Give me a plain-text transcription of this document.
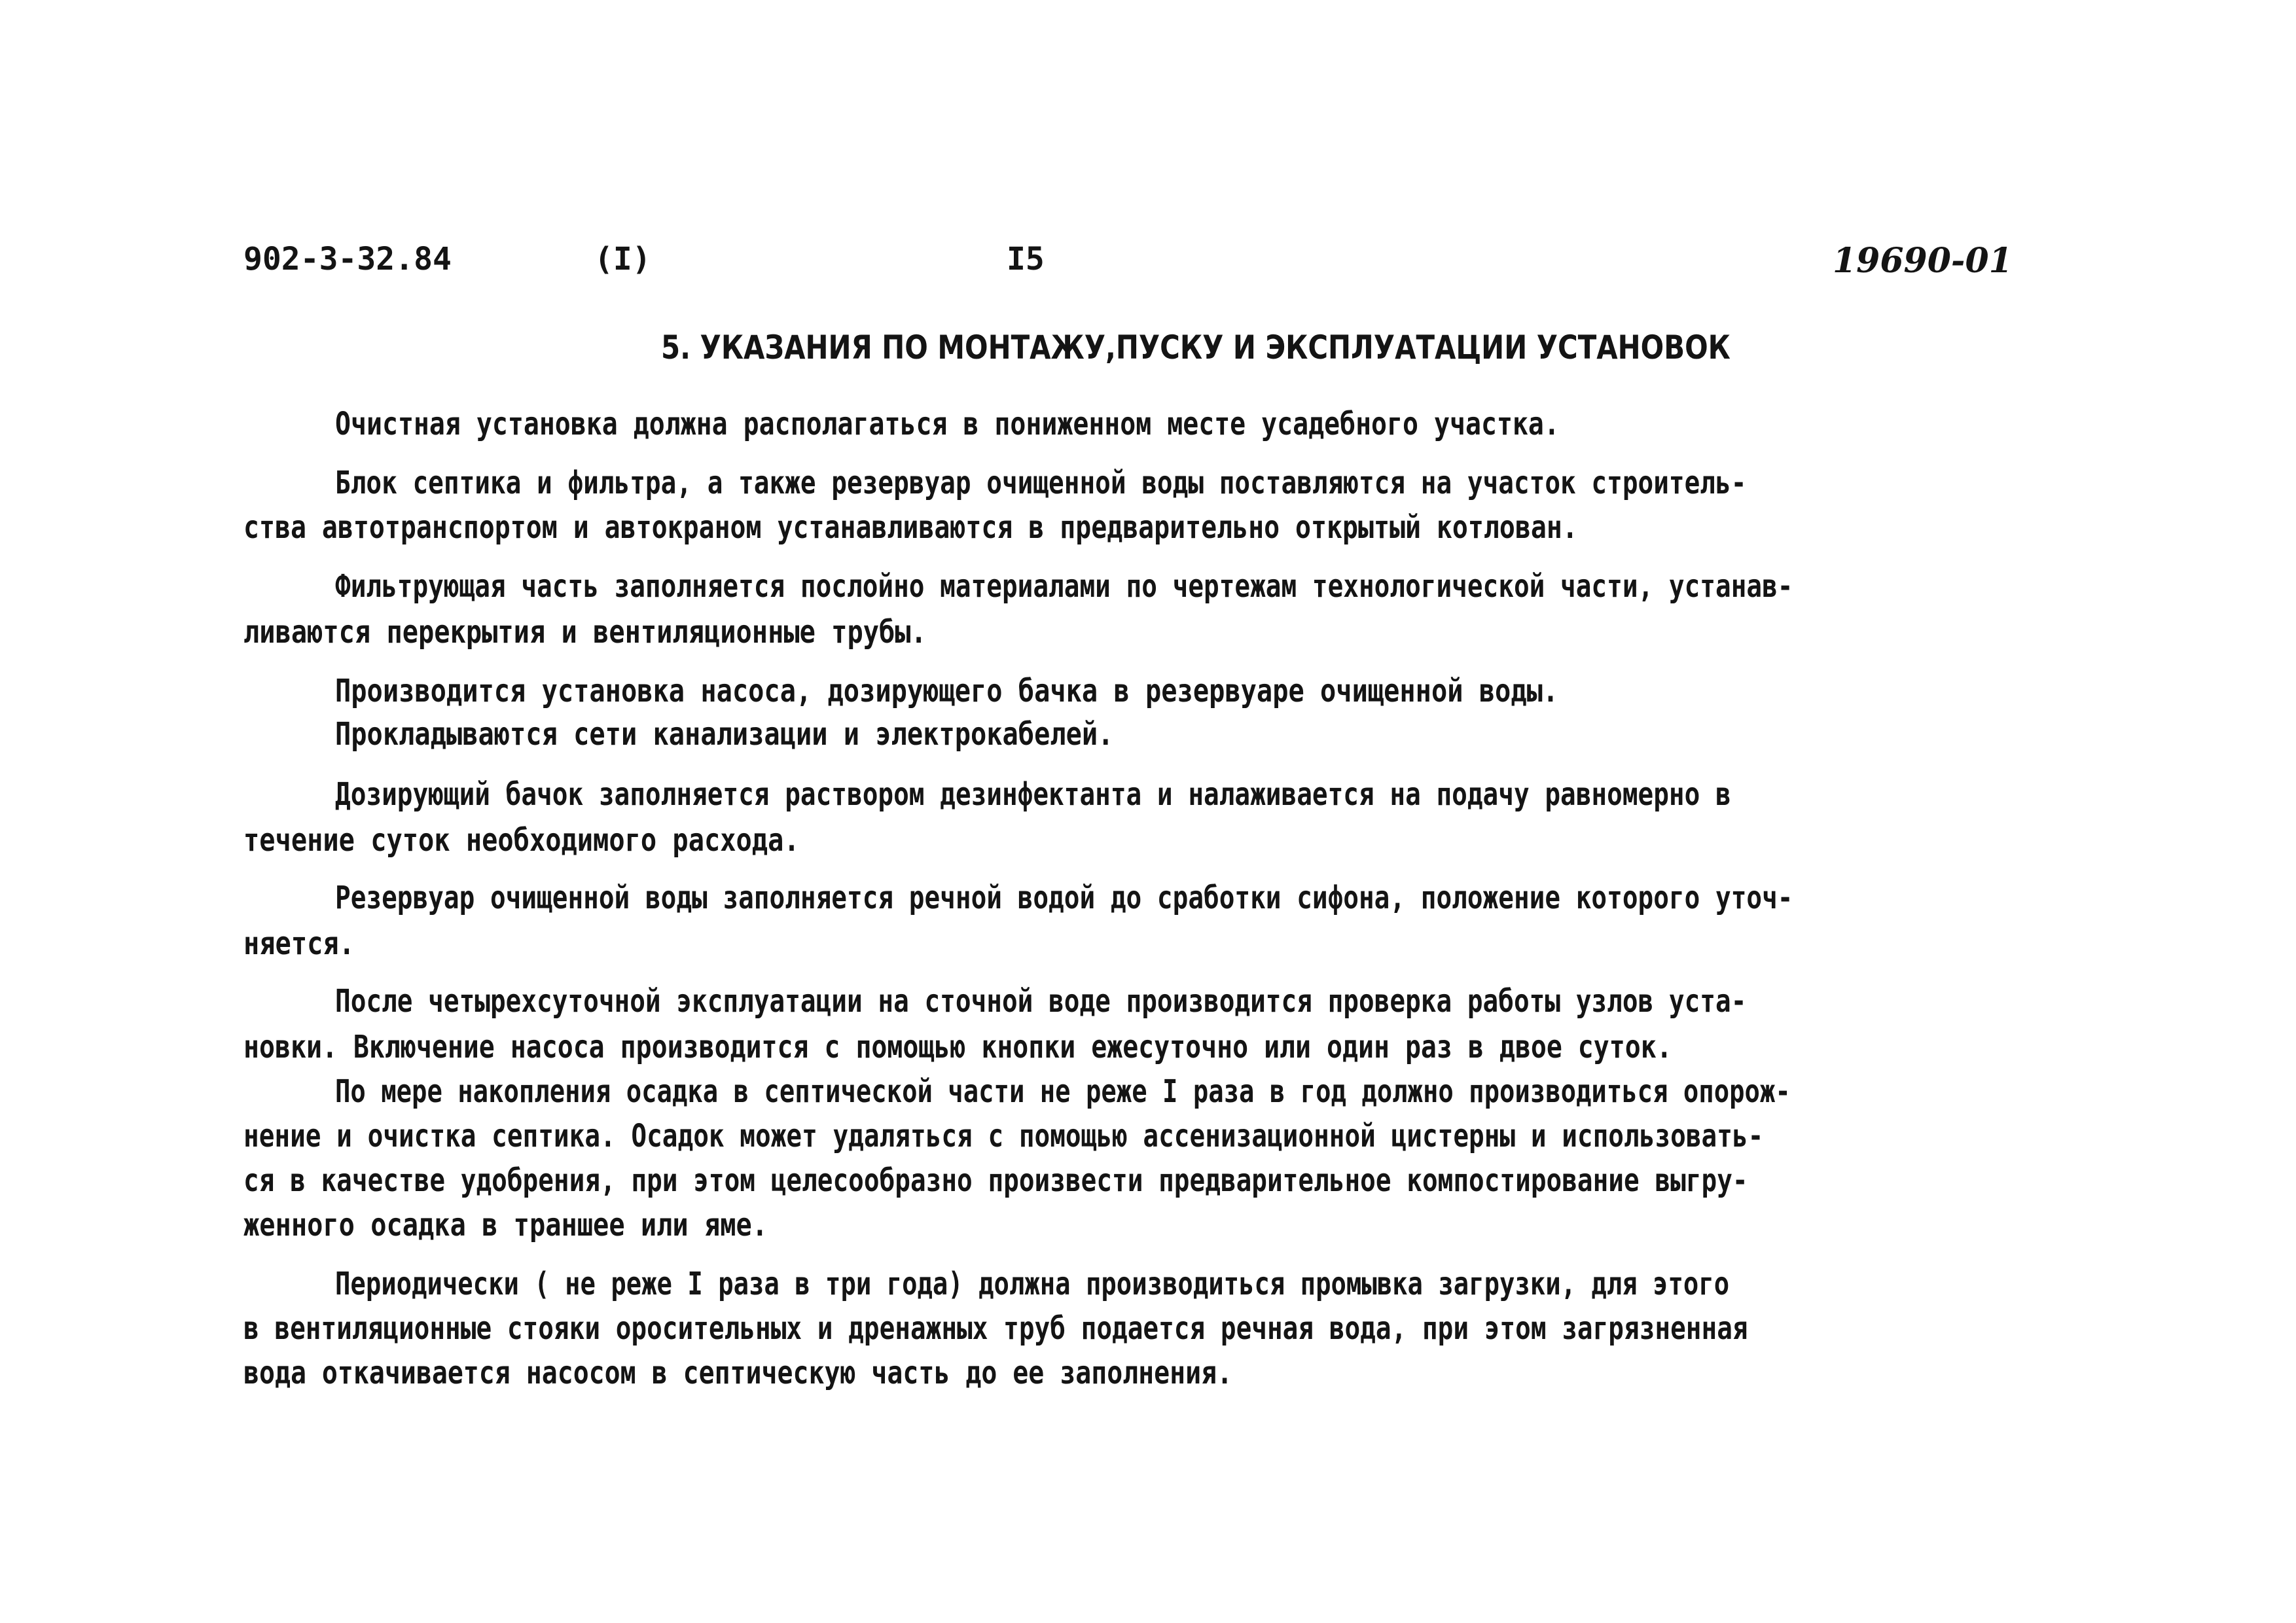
902-3-32.84	(I)	I5	19690-01
5. УКАЗАНИЯ ПО МОНТАЖУ,ПУСКУ И ЭКСПЛУАТАЦИИ УСТАНОВОК
Очистная установка должна располагаться в пониженном месте усадебного участка.
Блок септика и фильтра, а также резервуар очищенной воды поставляются на участок строитель-
ства автотранспортом и автокраном устанавливаются в предварительно открытый котлован.
Фильтрующая часть заполняется послойно материалами по чертежам технологической части, устанав-
ливаются перекрытия и вентиляционные трубы.
Производится установка насоса, дозирующего бачка в резервуаре очищенной воды.
Прокладываются сети канализации и электрокабелей.
Дозирующий бачок заполняется раствором дезинфектанта и налаживается на подачу равномерно в
течение суток необходимого расхода.
Резервуар очищенной воды заполняется речной водой до сработки сифона, положение которого уточ-
няется.
После четырехсуточной эксплуатации на сточной воде производится проверка работы узлов уста-
новки. Включение насоса производится с помощью кнопки ежесуточно или один раз в двое суток.
По мере накопления осадка в септической части не реже I раза в год должно производиться опорож-
нение и очистка септика. Осадок может удаляться с помощью ассенизационной цистерны и использовать-
ся в качестве удобрения, при этом целесообразно произвести предварительное компостирование выгру-
женного осадка в траншее или яме.
Периодически ( не реже I раза в три года) должна производиться промывка загрузки, для этого
в вентиляционные стояки оросительных и дренажных труб подается речная вода, при этом загрязненная
вода откачивается насосом в септическую часть до ее заполнения.
